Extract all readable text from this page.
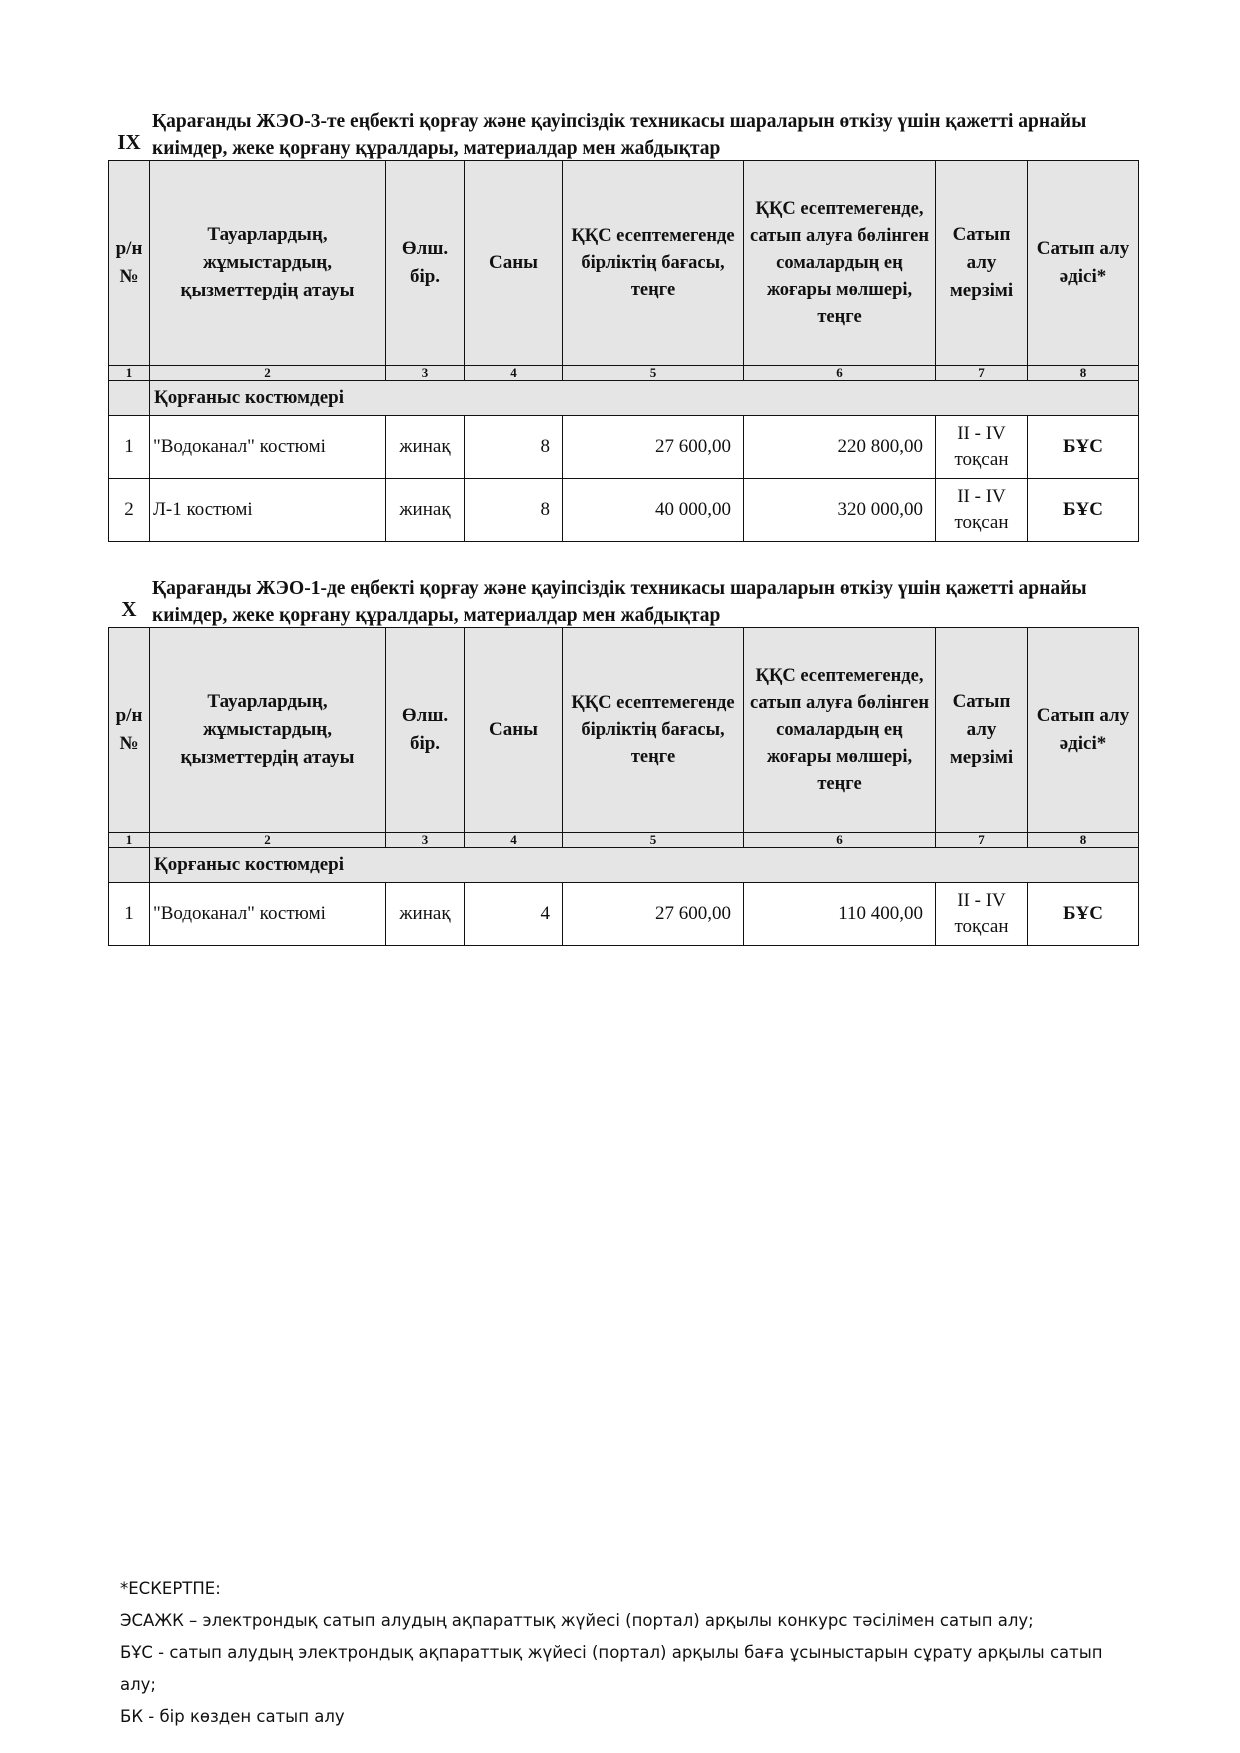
IX
Қарағанды ЖЭО-3-те еңбекті қорғау және қауіпсіздік техникасы шараларын өткізу үшін қажетті арнайы киімдер, жеке қорғану құралдары, материалдар мен жабдықтар
р/н №	Тауарлардың, жұмыстардың, қызметтердің атауы	Өлш. бір.	Саны	ҚҚС есептемегенде бірліктің бағасы, теңге	ҚҚС есептемегенде, сатып алуға бөлінген сомалардың ең жоғары мөлшері, теңге	Сатып алу мерзімі	Сатып алу әдісі*
1	2	3	4	5	6	7	8
	Қорғаныс костюмдері						
1	"Водоканал" костюмі	жинақ	8	27 600,00	220 800,00	II - IV тоқсан	БҰС
2	Л-1 костюмі	жинақ	8	40 000,00	320 000,00	II - IV тоқсан	БҰС
X
Қарағанды ЖЭО-1-де еңбекті қорғау және қауіпсіздік техникасы шараларын өткізу үшін қажетті арнайы киімдер, жеке қорғану құралдары, материалдар мен жабдықтар
р/н №	Тауарлардың, жұмыстардың, қызметтердің атауы	Өлш. бір.	Саны	ҚҚС есептемегенде бірліктің бағасы, теңге	ҚҚС есептемегенде, сатып алуға бөлінген сомалардың ең жоғары мөлшері, теңге	Сатып алу мерзімі	Сатып алу әдісі*
1	2	3	4	5	6	7	8
	Қорғаныс костюмдері						
1	"Водоканал" костюмі	жинақ	4	27 600,00	110 400,00	II - IV тоқсан	БҰС
*ЕСКЕРТПЕ:
ЭСАЖК – электрондық сатып алудың ақпараттық жүйесі (портал) арқылы конкурс тәсілімен сатып алу;
БҰС - сатып алудың электрондық ақпараттық жүйесі (портал) арқылы баға ұсыныстарын сұрату арқылы сатып алу;
БК - бір көзден сатып алу
